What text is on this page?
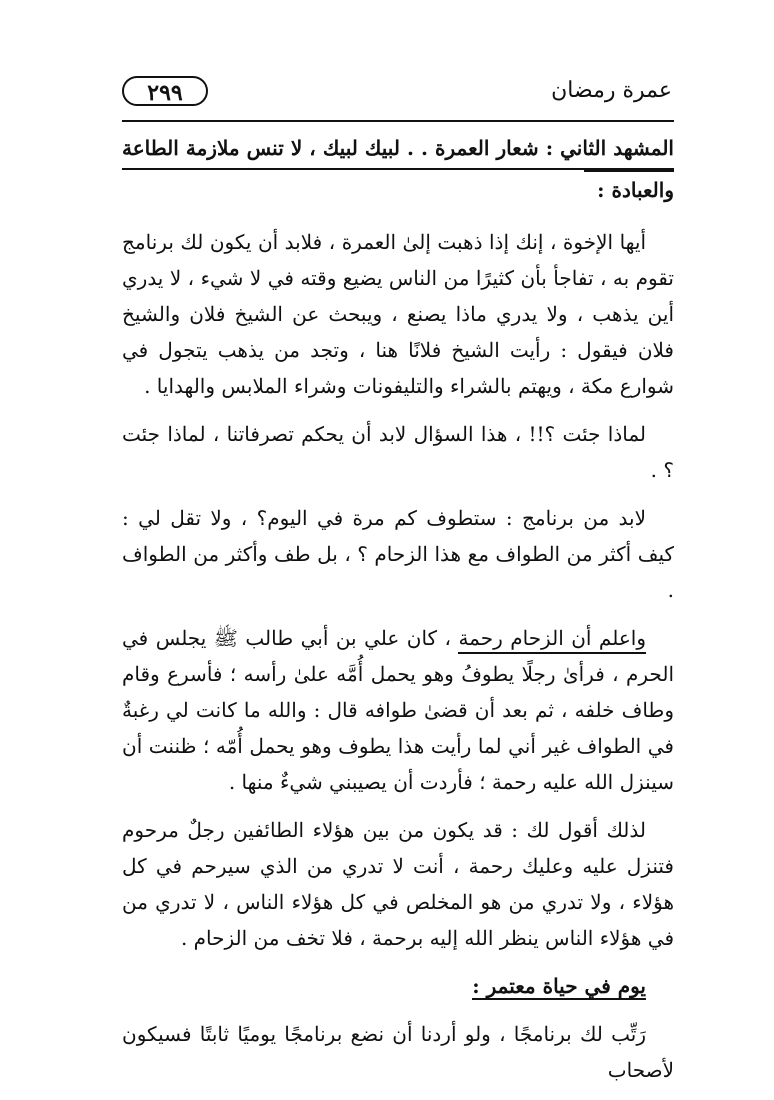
عمرة رمضان
٢٩٩
المشهد الثاني : شعار العمرة . . لبيك لبيك ، لا تنس ملازمة الطاعة
والعبادة :

أيها الإخوة ، إنك إذا ذهبت إلىٰ العمرة ، فلابد أن يكون لك برنامج تقوم به ، تفاجأ بأن كثيرًا من الناس يضيع وقته في لا شيء ، لا يدري أين يذهب ، ولا يدري ماذا يصنع ، ويبحث عن الشيخ فلان والشيخ فلان فيقول : رأيت الشيخ فلانًا هنا ، وتجد من يذهب يتجول في شوارع مكة ، ويهتم بالشراء والتليفونات وشراء الملابس والهدايا .

لماذا جئت ؟!! ، هذا السؤال لابد أن يحكم تصرفاتنا ، لماذا جئت ؟ .

لابد من برنامج : ستطوف كم مرة في اليوم؟ ، ولا تقل لي : كيف أكثر من الطواف مع هذا الزحام ؟ ، بل طف وأكثر من الطواف .

واعلم أن الزحام رحمة ، كان علي بن أبي طالب ﷺ يجلس في الحرم ، فرأىٰ رجلًا يطوفُ وهو يحمل أُمَّه علىٰ رأسه ؛ فأسرع وقام وطاف خلفه ، ثم بعد أن قضىٰ طوافه قال : والله ما كانت لي رغبةٌ في الطواف غير أني لما رأيت هذا يطوف وهو يحمل أُمّه ؛ ظننت أن سينزل الله عليه رحمة ؛ فأردت أن يصيبني شيءٌ منها .

لذلك أقول لك : قد يكون من بين هؤلاء الطائفين رجلٌ مرحوم فتنزل عليه وعليك رحمة ، أنت لا تدري من الذي سيرحم في كل هؤلاء ، ولا تدري من هو المخلص في كل هؤلاء الناس ، لا تدري من في هؤلاء الناس ينظر الله إليه برحمة ، فلا تخف من الزحام .

يوم في حياة معتمر :

رَتِّب لك برنامجًا ، ولو أردنا أن نضع برنامجًا يوميًا ثابتًا فسيكون لأصحاب
